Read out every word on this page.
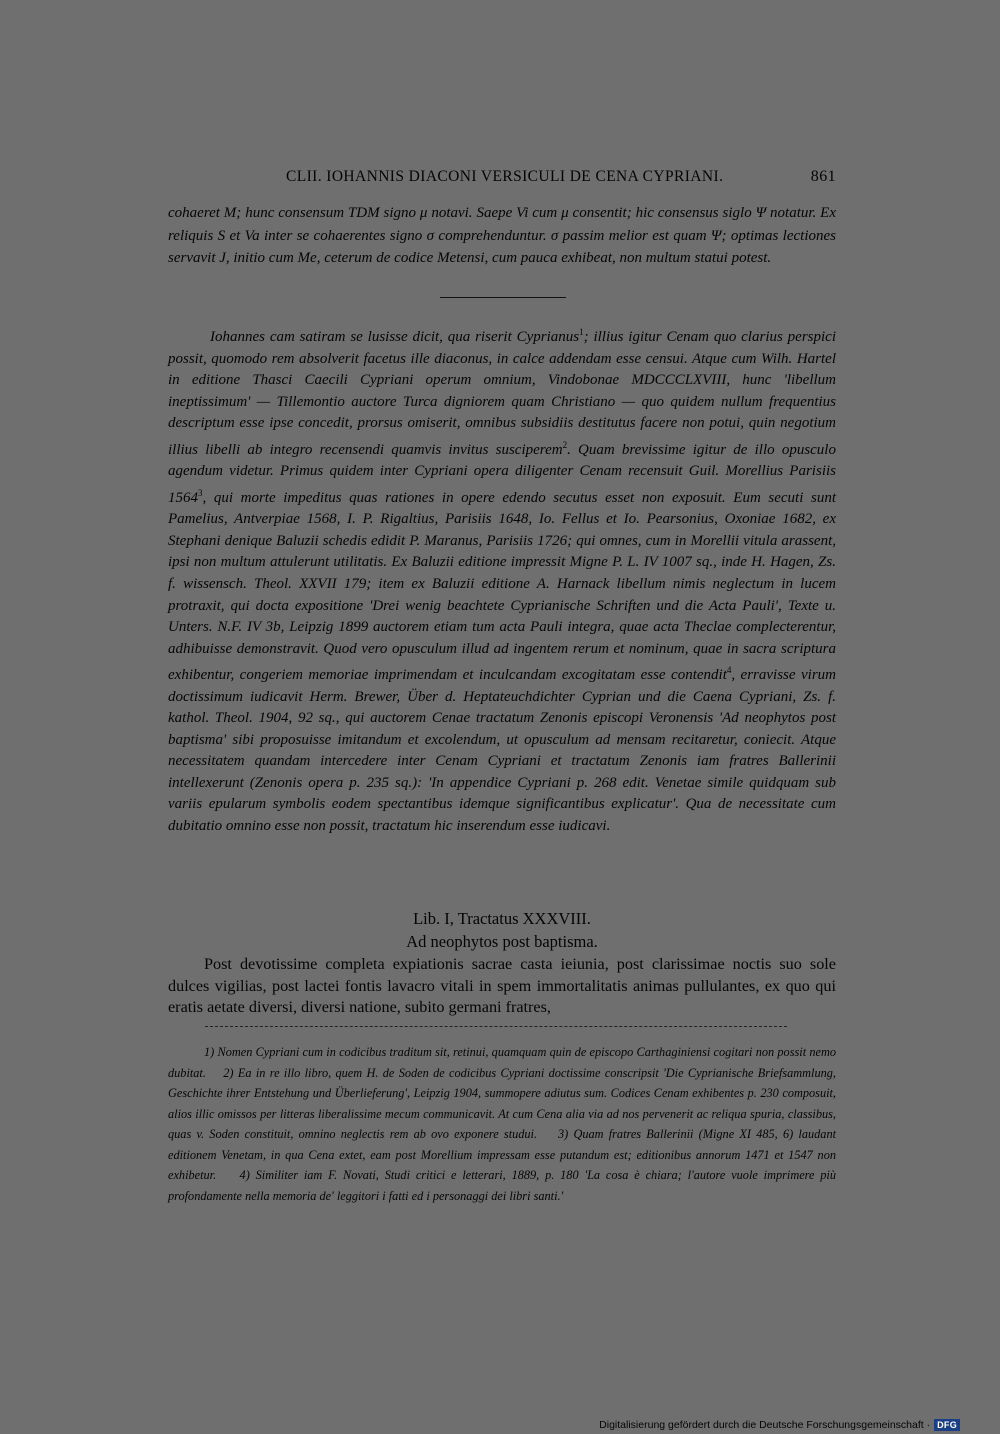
CLII. IOHANNIS DIACONI VERSICULI DE CENA CYPRIANI.	861
cohaeret M; hunc consensum TDM signo μ notavi. Saepe Vi cum μ consentit; hic consensus siglo Ψ notatur. Ex reliquis S et Va inter se cohaerentes signo σ comprehenduntur. σ passim melior est quam Ψ; optimas lectiones servavit J, initio cum Me, ceterum de codice Metensi, cum pauca exhibeat, non multum statui potest.
Iohannes cam satiram se lusisse dicit, qua riserit Cyprianus$^1$; illius igitur Cenam quo clarius perspici possit, quomodo rem absolverit facetus ille diaconus, in calce addendam esse censui. Atque cum Wilh. Hartel in editione Thasci Caecili Cypriani operum omnium, Vindobonae MDCCCLXVIII, hunc 'libellum ineptissimum' — Tillemontio auctore Turca digniorem quam Christiano — quo quidem nullum frequentius descriptum esse ipse concedit, prorsus omiserit, omnibus subsidiis destitutus facere non potui, quin negotium illius libelli ab integro recensendi quamvis invitus susciperem$^2$. Quam brevissime igitur de illo opusculo agendum videtur. Primus quidem inter Cypriani opera diligenter Cenam recensuit Guil. Morellius Parisiis 1564$^3$, qui morte impeditus quas rationes in opere edendo secutus esset non exposuit. Eum secuti sunt Pamelius, Antverpiae 1568, I. P. Rigaltius, Parisiis 1648, Io. Fellus et Io. Pearsonius, Oxoniae 1682, ex Stephani denique Baluzii schedis edidit P. Maranus, Parisiis 1726; qui omnes, cum in Morellii vitula arassent, ipsi non multum attulerunt utilitatis. Ex Baluzii editione impressit Migne P. L. IV 1007 sq., inde H. Hagen, Zs. f. wissensch. Theol. XXVII 179; item ex Baluzii editione A. Harnack libellum nimis neglectum in lucem protraxit, qui docta expositione 'Drei wenig beachtete Cyprianische Schriften und die Acta Pauli', Texte u. Unters. N.F. IV 3b, Leipzig 1899 auctorem etiam tum acta Pauli integra, quae acta Theclae complecterentur, adhibuisse demonstravit. Quod vero opusculum illud ad ingentem rerum et nominum, quae in sacra scriptura exhibentur, congeriem memoriae imprimendam et inculcandam excogitatam esse contendit$^4$, erravisse virum doctissimum iudicavit Herm. Brewer, Über d. Heptateuchdichter Cyprian und die Caena Cypriani, Zs. f. kathol. Theol. 1904, 92 sq., qui auctorem Cenae tractatum Zenonis episcopi Veronensis 'Ad neophytos post baptisma' sibi proposuisse imitandum et excolendum, ut opusculum ad mensam recitaretur, coniecit. Atque necessitatem quandam intercedere inter Cenam Cypriani et tractatum Zenonis iam fratres Ballerinii intellexerunt (Zenonis opera p. 235 sq.): 'In appendice Cypriani p. 268 edit. Venetae simile quidquam sub variis epularum symbolis eodem spectantibus idemque significantibus explicatur'. Qua de necessitate cum dubitatio omnino esse non possit, tractatum hic inserendum esse iudicavi.
Lib. I, Tractatus XXXVIII.
Ad neophytos post baptisma.
Post devotissime completa expiationis sacrae casta ieiunia, post clarissimae noctis suo sole dulces vigilias, post lactei fontis lavacro vitali in spem immortalitatis animas pullulantes, ex quo qui eratis aetate diversi, diversi natione, subito germani fratres,
1) Nomen Cypriani cum in codicibus traditum sit, retinui, quamquam quin de episcopo Carthaginiensi cogitari non possit nemo dubitat. 2) Ea in re illo libro, quem H. de Soden de codicibus Cypriani doctissime conscripsit 'Die Cyprianische Briefsammlung, Geschichte ihrer Entstehung und Überlieferung', Leipzig 1904, summopere adiutus sum. Codices Cenam exhibentes p. 230 composuit, alios illic omissos per litteras liberalissime mecum communicavit. At cum Cena alia via ad nos pervenerit ac reliqua spuria, classibus, quas v. Soden constituit, omnino neglectis rem ab ovo exponere studui. 3) Quam fratres Ballerinii (Migne XI 485, 6) laudant editionem Venetam, in qua Cena extet, eam post Morellium impressam esse putandum est; editionibus annorum 1471 et 1547 non exhibetur. 4) Similiter iam F. Novati, Studi critici e letterari, 1889, p. 180 'La cosa è chiara; l'autore vuole imprimere più profondamente nella memoria de' leggitori i fatti ed i personaggi dei libri santi.'
Digitalisierung gefördert durch die Deutsche Forschungsgemeinschaft · DFG
